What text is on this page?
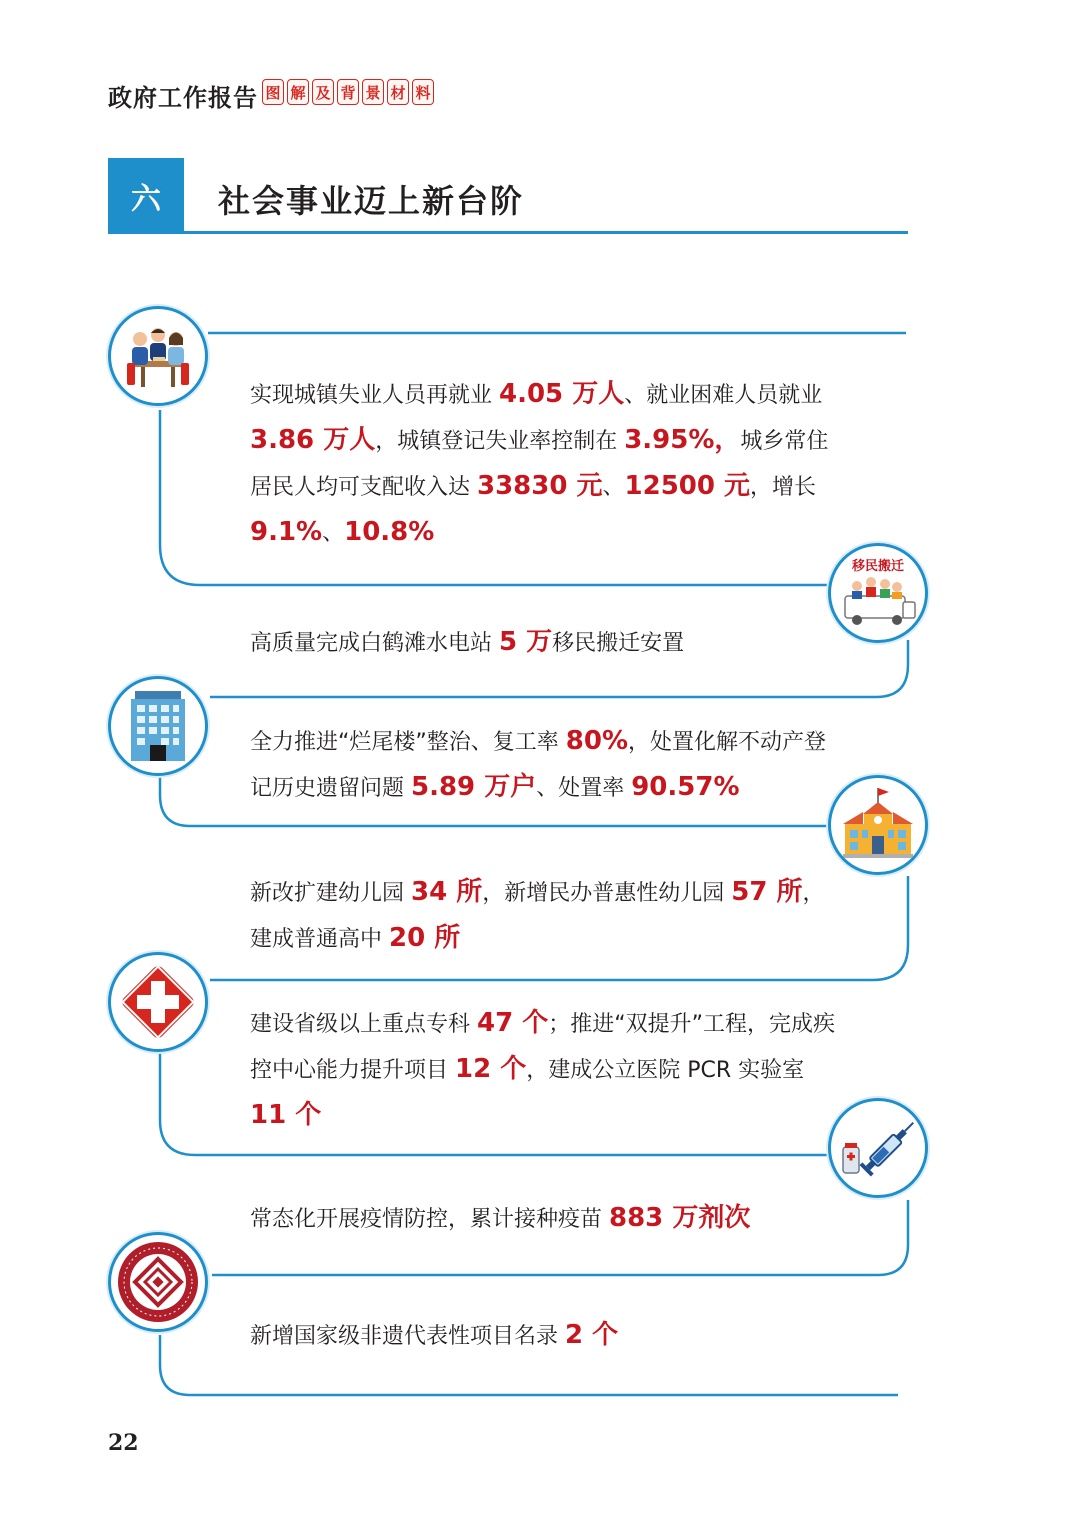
政府工作报告 图 解 及 背 景 材 料
六	社会事业迈上新台阶
移民搬迁
实现城镇失业人员再就业 4.05 万人、就业困难人员就业 3.86 万人，城镇登记失业率控制在 3.95%，城乡常住居民人均可支配收入达 33830 元、12500 元，增长 9.1%、10.8%
高质量完成白鹤滩水电站 5 万移民搬迁安置
全力推进“烂尾楼”整治、复工率 80%，处置化解不动产登记历史遗留问题 5.89 万户、处置率 90.57%
新改扩建幼儿园 34 所，新增民办普惠性幼儿园 57 所，建成普通高中 20 所
建设省级以上重点专科 47 个；推进“双提升”工程，完成疾控中心能力提升项目 12 个，建成公立医院 PCR 实验室 11 个
常态化开展疫情防控，累计接种疫苗 883 万剂次
新增国家级非遗代表性项目名录 2 个
22
